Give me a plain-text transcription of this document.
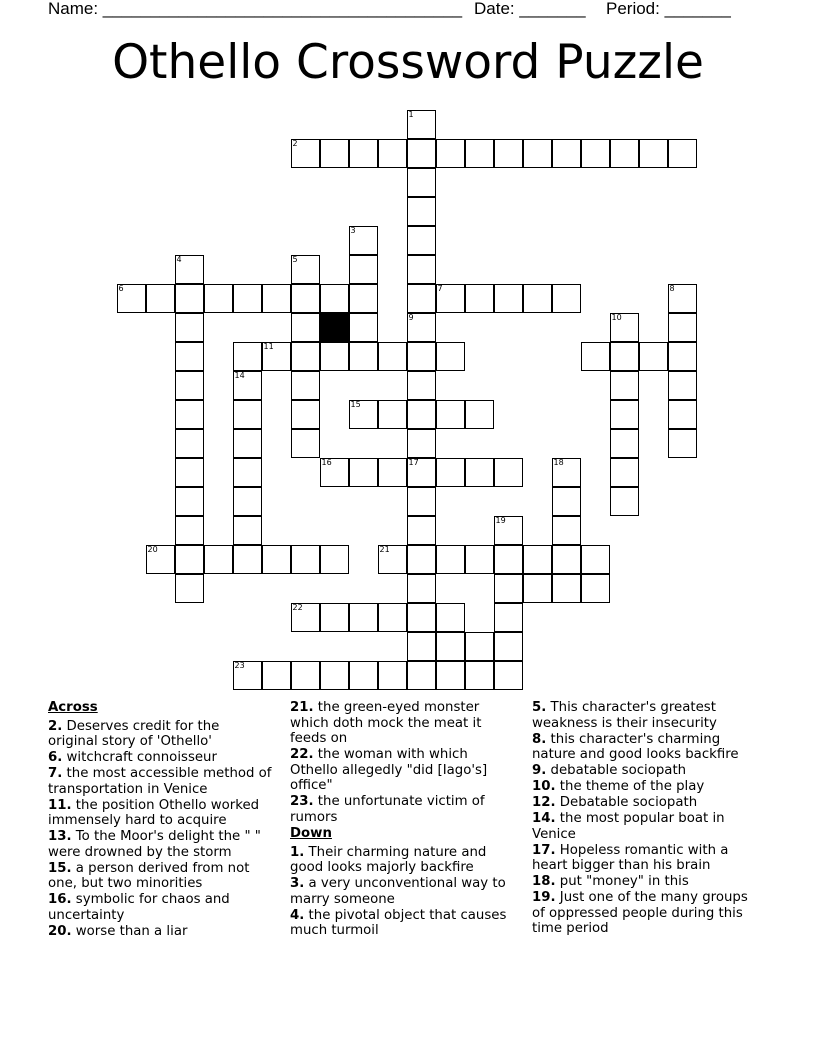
Name: ______________________________________ Date: _______ Period: _______
Othello Crossword Puzzle
1
2
3
4	5
6	7	8
9
17
11
10
14
15
16	18
19
20	21
22
23
Across
2. Deserves credit for the original story of 'Othello'
6. witchcraft connoisseur
7. the most accessible method of transportation in Venice
11. the position Othello worked immensely hard to acquire
13. To the Moor's delight the " " were drowned by the storm
15. a person derived from not one, but two minorities
16. symbolic for chaos and uncertainty
20. worse than a liar
21. the green-eyed monster which doth mock the meat it feeds on
22. the woman with which Othello allegedly "did [Iago's] office"
23. the unfortunate victim of rumors
Down
1. Their charming nature and good looks majorly backfire
3. a very unconventional way to marry someone
4. the pivotal object that causes much turmoil
5. This character's greatest weakness is their insecurity
8. this character's charming nature and good looks backfire
9. debatable sociopath
10. the theme of the play
12. Debatable sociopath
14. the most popular boat in Venice
17. Hopeless romantic with a heart bigger than his brain
18. put "money" in this
19. Just one of the many groups of oppressed people during this time period
